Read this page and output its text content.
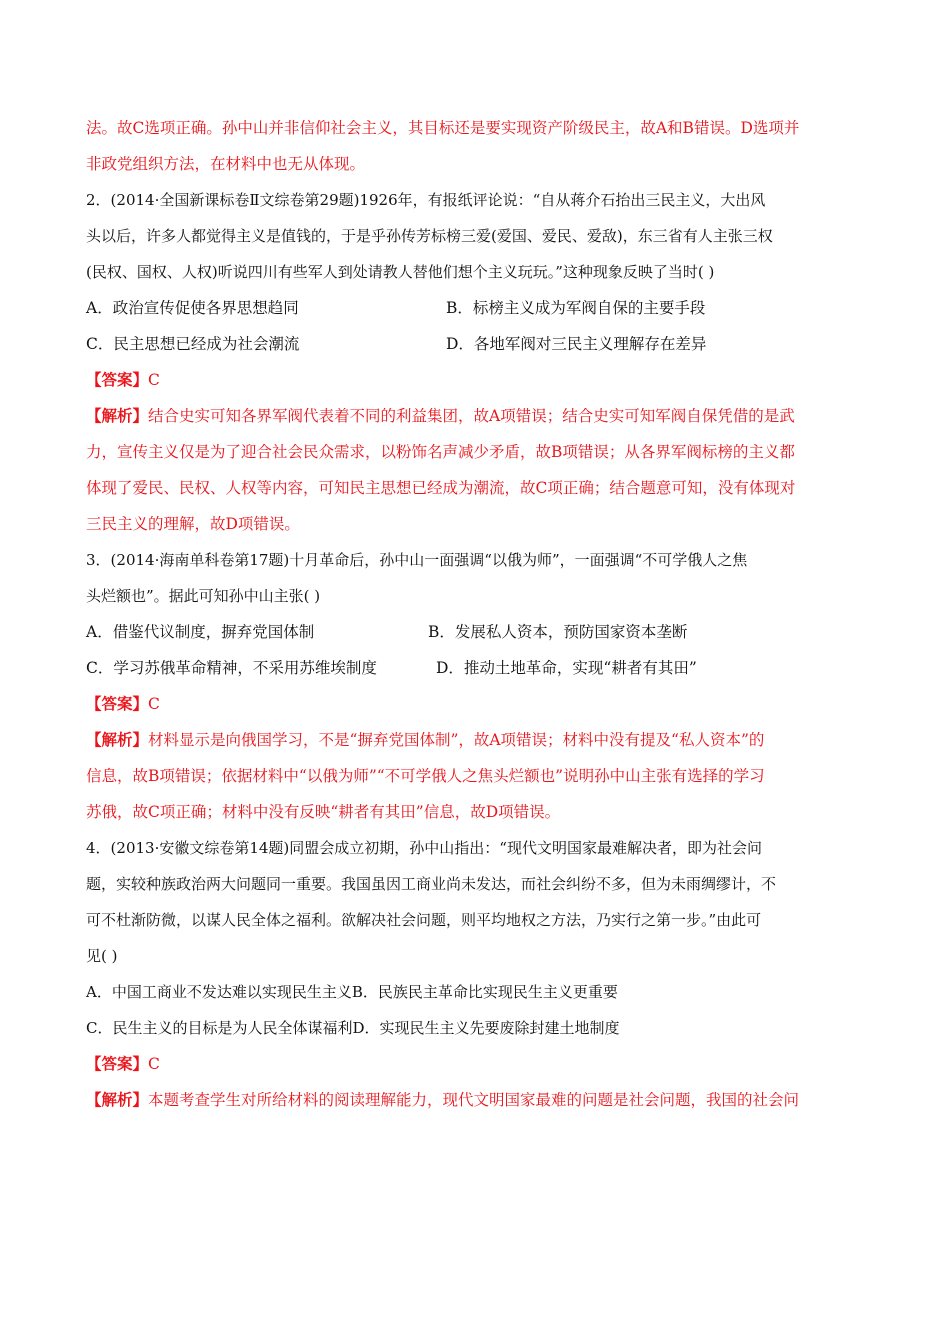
法。故C选项正确。孙中山并非信仰社会主义，其目标还是要实现资产阶级民主，故A和B错误。D选项并
非政党组织方法，在材料中也无从体现。
2．(2014·全国新课标卷Ⅱ文综卷第29题)1926年，有报纸评论说：“自从蒋介石抬出三民主义，大出风
头以后，许多人都觉得主义是值钱的，于是乎孙传芳标榜三爱(爱国、爱民、爱敌)，东三省有人主张三权
(民权、国权、人权)听说四川有些军人到处请教人替他们想个主义玩玩。”这种现象反映了当时( )
A．政治宣传促使各界思想趋同	B．标榜主义成为军阀自保的主要手段
C．民主思想已经成为社会潮流	D．各地军阀对三民主义理解存在差异
【答案】C
【解析】结合史实可知各界军阀代表着不同的利益集团，故A项错误；结合史实可知军阀自保凭借的是武
力，宣传主义仅是为了迎合社会民众需求，以粉饰名声减少矛盾，故B项错误；从各界军阀标榜的主义都
体现了爱民、民权、人权等内容，可知民主思想已经成为潮流，故C项正确；结合题意可知，没有体现对
三民主义的理解，故D项错误。
3．(2014·海南单科卷第17题)十月革命后，孙中山一面强调“以俄为师”，一面强调“不可学俄人之焦
头烂额也”。据此可知孙中山主张( )
A．借鉴代议制度，摒弃党国体制	B．发展私人资本，预防国家资本垄断
C．学习苏俄革命精神，不采用苏维埃制度	D．推动土地革命，实现“耕者有其田”
【答案】C
【解析】材料显示是向俄国学习，不是“摒弃党国体制”，故A项错误；材料中没有提及“私人资本”的
信息，故B项错误；依据材料中“以俄为师”“不可学俄人之焦头烂额也”说明孙中山主张有选择的学习
苏俄，故C项正确；材料中没有反映“耕者有其田”信息，故D项错误。
4．(2013·安徽文综卷第14题)同盟会成立初期，孙中山指出：“现代文明国家最难解决者，即为社会问
题，实较种族政治两大问题同一重要。我国虽因工商业尚未发达，而社会纠纷不多，但为未雨绸缪计，不
可不杜渐防微，以谋人民全体之福利。欲解决社会问题，则平均地权之方法，乃实行之第一步。”由此可
见( )
A．中国工商业不发达难以实现民生主义B．民族民主革命比实现民生主义更重要
C．民生主义的目标是为人民全体谋福利D．实现民生主义先要废除封建土地制度
【答案】C
【解析】本题考查学生对所给材料的阅读理解能力，现代文明国家最难的问题是社会问题，我国的社会问
